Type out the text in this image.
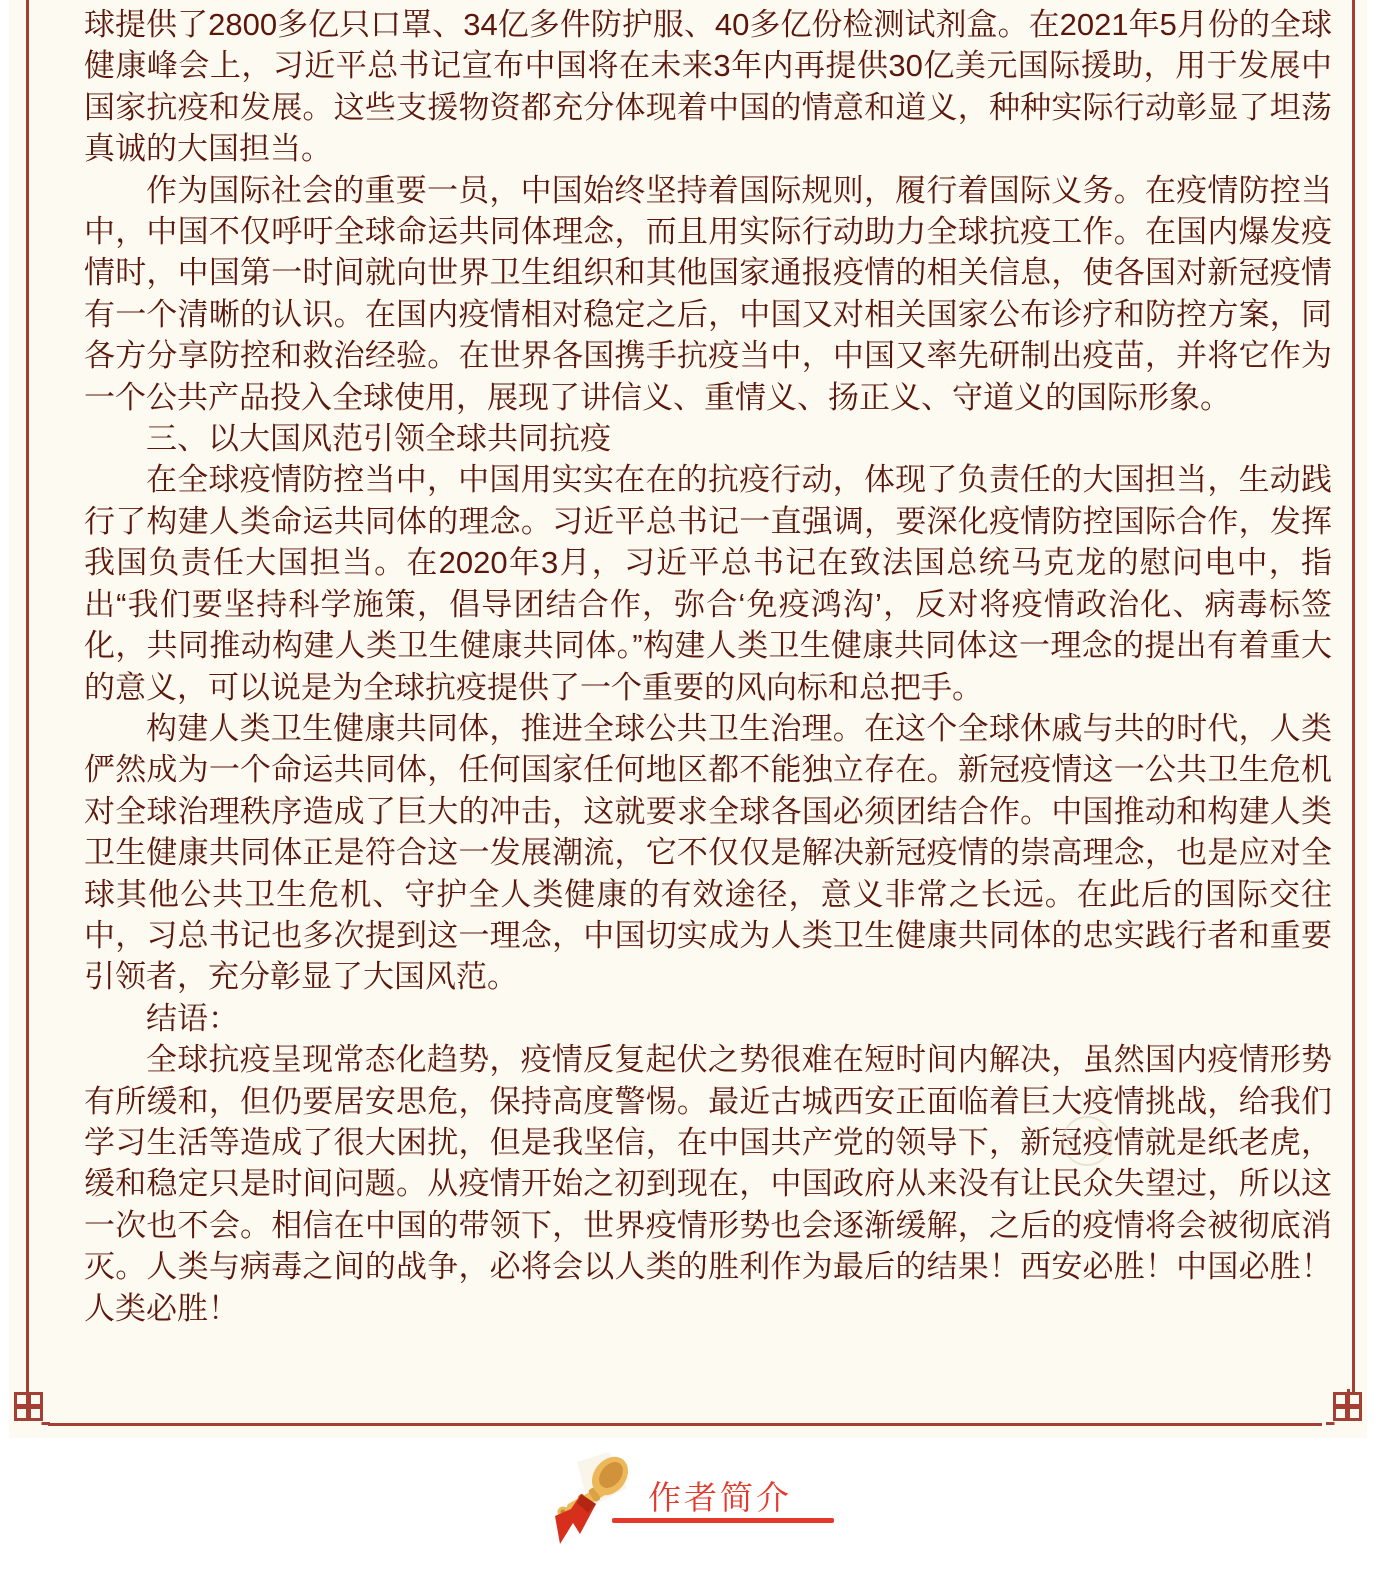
球提供了2800多亿只口罩、34亿多件防护服、40多亿份检测试剂盒。在2021年5月份的全球健康峰会上，习近平总书记宣布中国将在未来3年内再提供30亿美元国际援助，用于发展中国家抗疫和发展。这些支援物资都充分体现着中国的情意和道义，种种实际行动彰显了坦荡真诚的大国担当。

作为国际社会的重要一员，中国始终坚持着国际规则，履行着国际义务。在疫情防控当中，中国不仅呼吁全球命运共同体理念，而且用实际行动助力全球抗疫工作。在国内爆发疫情时，中国第一时间就向世界卫生组织和其他国家通报疫情的相关信息，使各国对新冠疫情有一个清晰的认识。在国内疫情相对稳定之后，中国又对相关国家公布诊疗和防控方案，同各方分享防控和救治经验。在世界各国携手抗疫当中，中国又率先研制出疫苗，并将它作为一个公共产品投入全球使用，展现了讲信义、重情义、扬正义、守道义的国际形象。

三、以大国风范引领全球共同抗疫

在全球疫情防控当中，中国用实实在在的抗疫行动，体现了负责任的大国担当，生动践行了构建人类命运共同体的理念。习近平总书记一直强调，要深化疫情防控国际合作，发挥我国负责任大国担当。在2020年3月，习近平总书记在致法国总统马克龙的慰问电中，指出“我们要坚持科学施策，倡导团结合作，弥合‘免疫鸿沟’，反对将疫情政治化、病毒标签化，共同推动构建人类卫生健康共同体。”构建人类卫生健康共同体这一理念的提出有着重大的意义，可以说是为全球抗疫提供了一个重要的风向标和总把手。

构建人类卫生健康共同体，推进全球公共卫生治理。在这个全球休戚与共的时代，人类俨然成为一个命运共同体，任何国家任何地区都不能独立存在。新冠疫情这一公共卫生危机对全球治理秩序造成了巨大的冲击，这就要求全球各国必须团结合作。中国推动和构建人类卫生健康共同体正是符合这一发展潮流，它不仅仅是解决新冠疫情的崇高理念，也是应对全球其他公共卫生危机、守护全人类健康的有效途径，意义非常之长远。在此后的国际交往中，习总书记也多次提到这一理念，中国切实成为人类卫生健康共同体的忠实践行者和重要引领者，充分彰显了大国风范。

结语：

全球抗疫呈现常态化趋势，疫情反复起伏之势很难在短时间内解决，虽然国内疫情形势有所缓和，但仍要居安思危，保持高度警惕。最近古城西安正面临着巨大疫情挑战，给我们学习生活等造成了很大困扰，但是我坚信，在中国共产党的领导下，新冠疫情就是纸老虎，缓和稳定只是时间问题。从疫情开始之初到现在，中国政府从来没有让民众失望过，所以这一次也不会。相信在中国的带领下，世界疫情形势也会逐渐缓解，之后的疫情将会被彻底消灭。人类与病毒之间的战争，必将会以人类的胜利作为最后的结果！西安必胜！中国必胜！人类必胜！

作者简介
